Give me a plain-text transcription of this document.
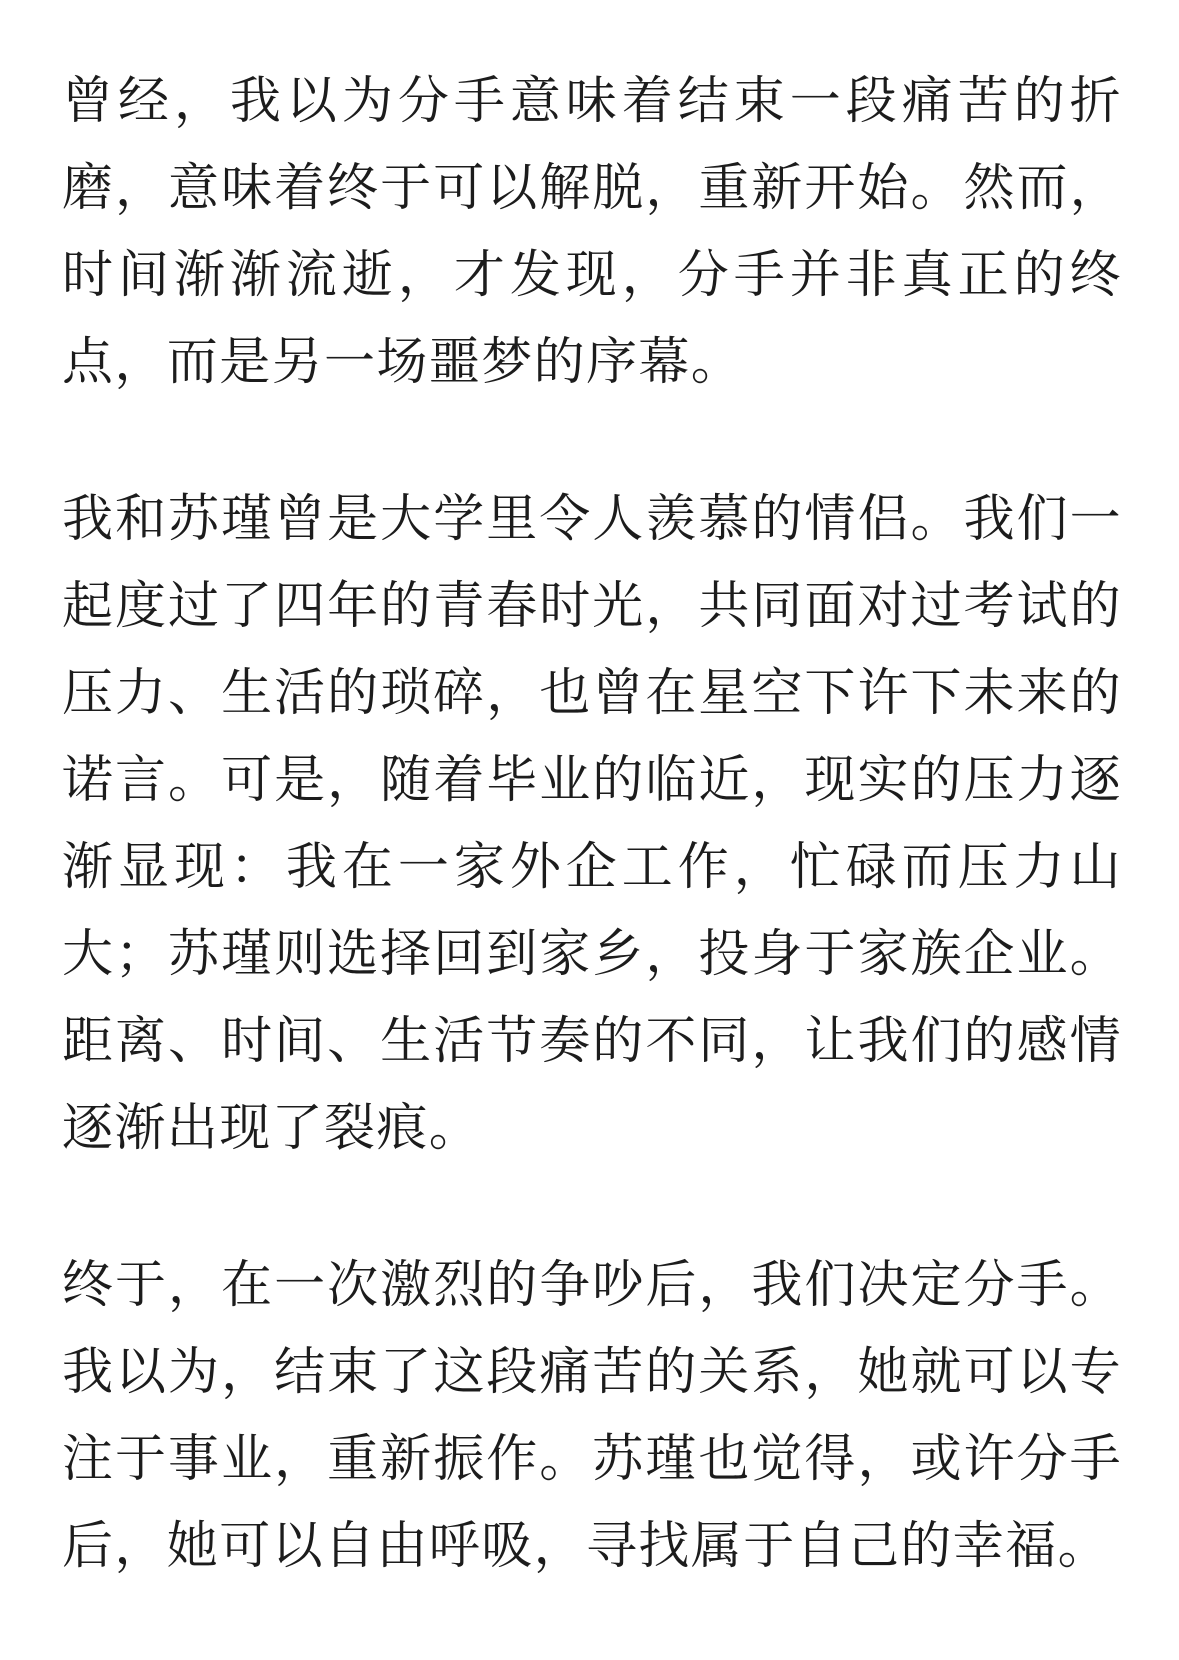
曾经，我以为分手意味着结束一段痛苦的折磨，意味着终于可以解脱，重新开始。然而，时间渐渐流逝，才发现，分手并非真正的终点，而是另一场噩梦的序幕。

我和苏瑾曾是大学里令人羡慕的情侣。我们一起度过了四年的青春时光，共同面对过考试的压力、生活的琐碎，也曾在星空下许下未来的诺言。可是，随着毕业的临近，现实的压力逐渐显现：我在一家外企工作，忙碌而压力山大；苏瑾则选择回到家乡，投身于家族企业。距离、时间、生活节奏的不同，让我们的感情逐渐出现了裂痕。

终于，在一次激烈的争吵后，我们决定分手。我以为，结束了这段痛苦的关系，她就可以专注于事业，重新振作。苏瑾也觉得，或许分手后，她可以自由呼吸，寻找属于自己的幸福。
